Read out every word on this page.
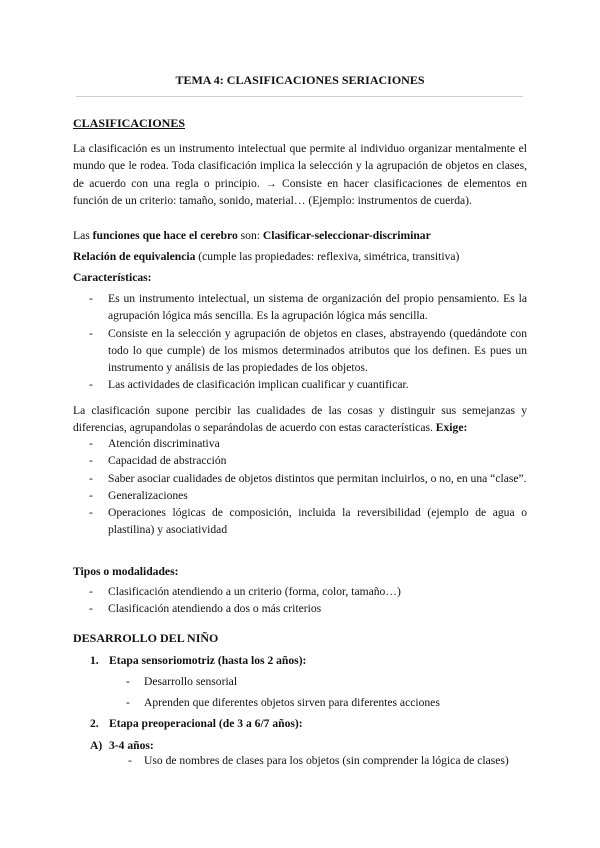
TEMA 4: CLASIFICACIONES SERIACIONES
CLASIFICACIONES
La clasificación es un instrumento intelectual que permite al individuo organizar mentalmente el mundo que le rodea. Toda clasificación implica la selección y la agrupación de objetos en clases, de acuerdo con una regla o principio. → Consiste en hacer clasificaciones de elementos en función de un criterio: tamaño, sonido, material… (Ejemplo: instrumentos de cuerda).
Las funciones que hace el cerebro son: Clasificar-seleccionar-discriminar
Relación de equivalencia (cumple las propiedades: reflexiva, simétrica, transitiva)
Características:
- Es un instrumento intelectual, un sistema de organización del propio pensamiento. Es la agrupación lógica más sencilla. Es la agrupación lógica más sencilla.
- Consiste en la selección y agrupación de objetos en clases, abstrayendo (quedándote con todo lo que cumple) de los mismos determinados atributos que los definen. Es pues un instrumento y análisis de las propiedades de los objetos.
- Las actividades de clasificación implican cualificar y cuantificar.
La clasificación supone percibir las cualidades de las cosas y distinguir sus semejanzas y diferencias, agrupandolas o separándolas de acuerdo con estas características. Exige:
- Atención discriminativa
- Capacidad de abstracción
- Saber asociar cualidades de objetos distintos que permitan incluirlos, o no, en una “clase”.
- Generalizaciones
- Operaciones lógicas de composición, incluida la reversibilidad (ejemplo de agua o plastilina) y asociatividad
Tipos o modalidades:
- Clasificación atendiendo a un criterio (forma, color, tamaño…)
- Clasificación atendiendo a dos o más criterios
DESARROLLO DEL NIÑO
1. Etapa sensoriomotriz (hasta los 2 años):
- Desarrollo sensorial
- Aprenden que diferentes objetos sirven para diferentes acciones
2. Etapa preoperacional (de 3 a 6/7 años):
A) 3-4 años:
- Uso de nombres de clases para los objetos (sin comprender la lógica de clases)
